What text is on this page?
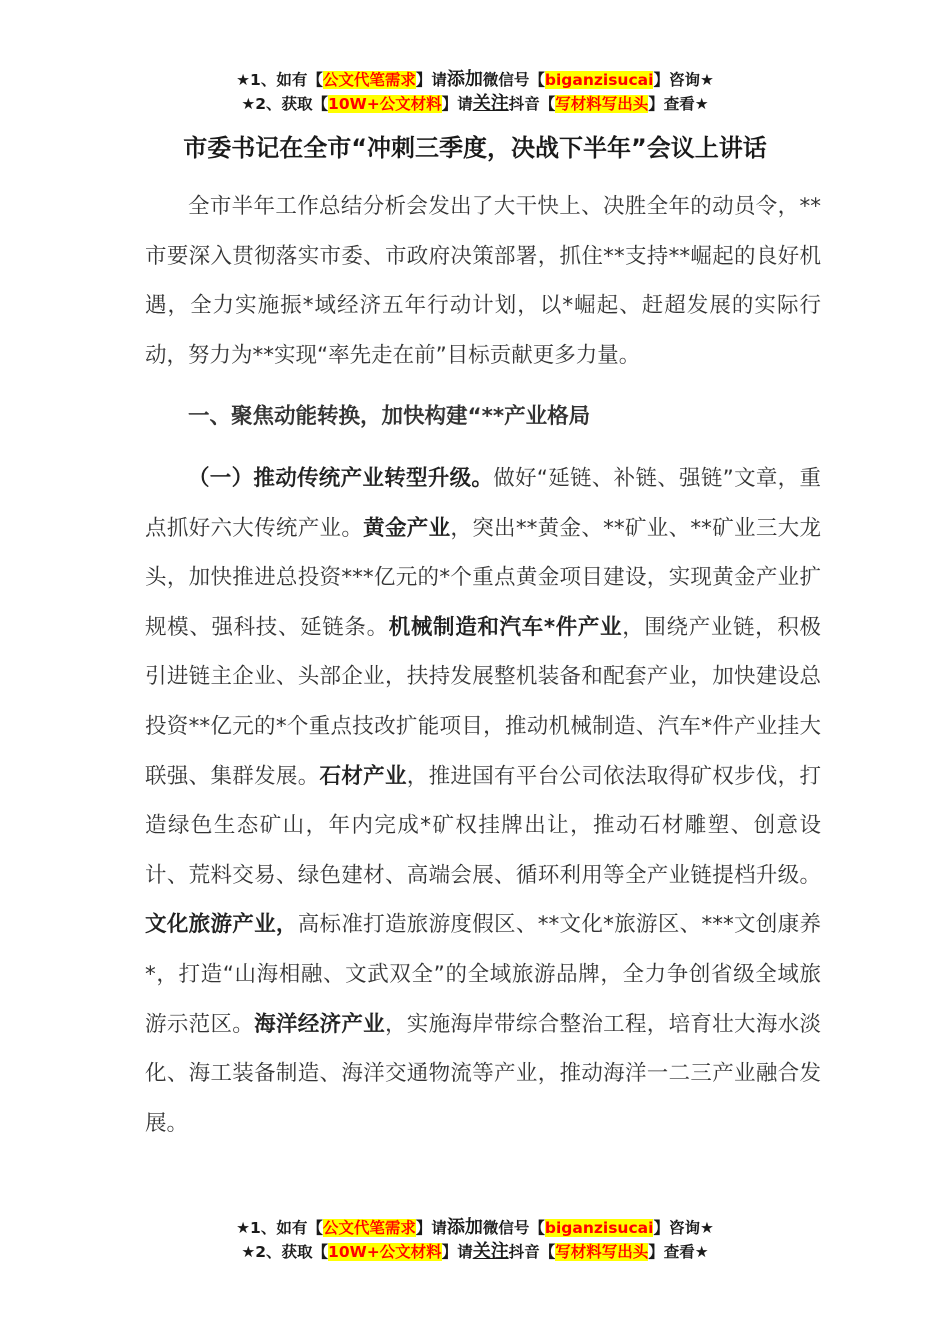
★1、如有【公文代笔需求】请添加微信号【biganzisucai】咨询★
★2、获取【10W+公文材料】请关注抖音【写材料写出头】查看★
市委书记在全市“冲刺三季度，决战下半年”会议上讲话

全市半年工作总结分析会发出了大干快上、决胜全年的动员令，**市要深入贯彻落实市委、市政府决策部署，抓住**支持**崛起的良好机遇，全力实施振*域经济五年行动计划，以*崛起、赶超发展的实际行动，努力为**实现“率先走在前”目标贡献更多力量。

一、聚焦动能转换，加快构建“**产业格局

（一）推动传统产业转型升级。做好“延链、补链、强链”文章，重点抓好六大传统产业。黄金产业，突出**黄金、**矿业、**矿业三大龙头，加快推进总投资***亿元的*个重点黄金项目建设，实现黄金产业扩规模、强科技、延链条。机械制造和汽车*件产业，围绕产业链，积极引进链主企业、头部企业，扶持发展整机装备和配套产业，加快建设总投资**亿元的*个重点技改扩能项目，推动机械制造、汽车*件产业挂大联强、集群发展。石材产业，推进国有平台公司依法取得矿权步伐，打造绿色生态矿山，年内完成*矿权挂牌出让，推动石材雕塑、创意设计、荒料交易、绿色建材、高端会展、循环利用等全产业链提档升级。文化旅游产业，高标准打造旅游度假区、**文化*旅游区、***文创康养*，打造“山海相融、文武双全”的全域旅游品牌，全力争创省级全域旅游示范区。海洋经济产业，实施海岸带综合整治工程，培育壮大海水淡化、海工装备制造、海洋交通物流等产业，推动海洋一二三产业融合发展。

★1、如有【公文代笔需求】请添加微信号【biganzisucai】咨询★
★2、获取【10W+公文材料】请关注抖音【写材料写出头】查看★
